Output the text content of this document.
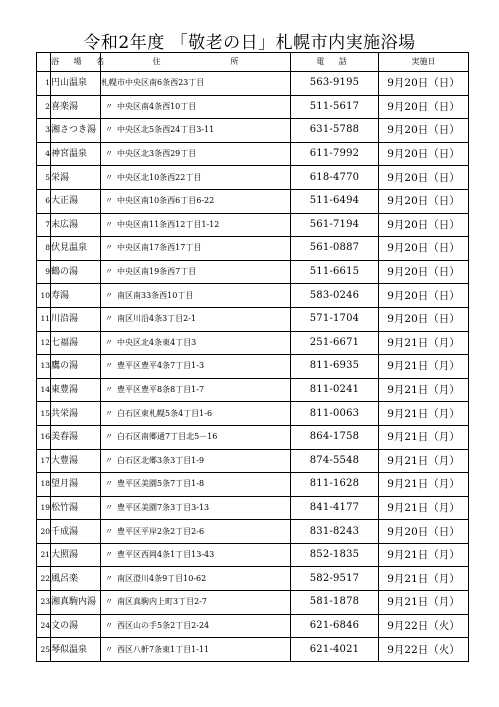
令和2年度 「敬老の日」札幌市内実施浴場
	浴 場 名	住 所	電 話	実施日
1	円山温泉	札幌市中央区南6条西23丁目	563-9195	9月20日（日）
2	喜楽湯	〃 中央区南4条西10丁目	511-5617	9月20日（日）
3	湘さつき湯	〃 中央区北5条西24丁目3-11	631-5788	9月20日（日）
4	神宮温泉	〃 中央区北3条西29丁目	611-7992	9月20日（日）
5	栄湯	〃 中央区北10条西22丁目	618-4770	9月20日（日）
6	大正湯	〃 中央区南10条西6丁目6-22	511-6494	9月20日（日）
7	末広湯	〃 中央区南11条西12丁目1-12	561-7194	9月20日（日）
8	伏見温泉	〃 中央区南17条西17丁目	561-0887	9月20日（日）
9	鶴の湯	〃 中央区南19条西7丁目	511-6615	9月20日（日）
10	寿湯	〃 南区南33条西10丁目	583-0246	9月20日（日）
11	川沿湯	〃 南区川沿4条3丁目2-1	571-1704	9月20日（日）
12	七福湯	〃 中央区北4条東4丁目3	251-6671	9月21日（月）
13	鷹の湯	〃 豊平区豊平4条7丁目1-3	811-6935	9月21日（月）
14	東豊湯	〃 豊平区豊平8条8丁目1-7	811-0241	9月21日（月）
15	共栄湯	〃 白石区東札幌5条4丁目1-6	811-0063	9月21日（月）
16	美春湯	〃 白石区南郷通7丁目北5－16	864-1758	9月21日（月）
17	大豊湯	〃 白石区北郷3条3丁目1-9	874-5548	9月21日（月）
18	望月湯	〃 豊平区美園5条7丁目1-8	811-1628	9月21日（月）
19	松竹湯	〃 豊平区美園7条3丁目3-13	841-4177	9月21日（月）
20	千成湯	〃 豊平区平岸2条2丁目2-6	831-8243	9月20日（日）
21	大照湯	〃 豊平区西岡4条1丁目13-43	852-1835	9月21日（月）
22	風呂楽	〃 南区澄川4条9丁目10-62	582-9517	9月21日（月）
23	湘真駒内湯	〃 南区真駒内上町3丁目2-7	581-1878	9月21日（月）
24	文の湯	〃 西区山の手5条2丁目2-24	621-6846	9月22日（火）
25	琴似温泉	〃 西区八軒7条東1丁目1-11	621-4021	9月22日（火）
